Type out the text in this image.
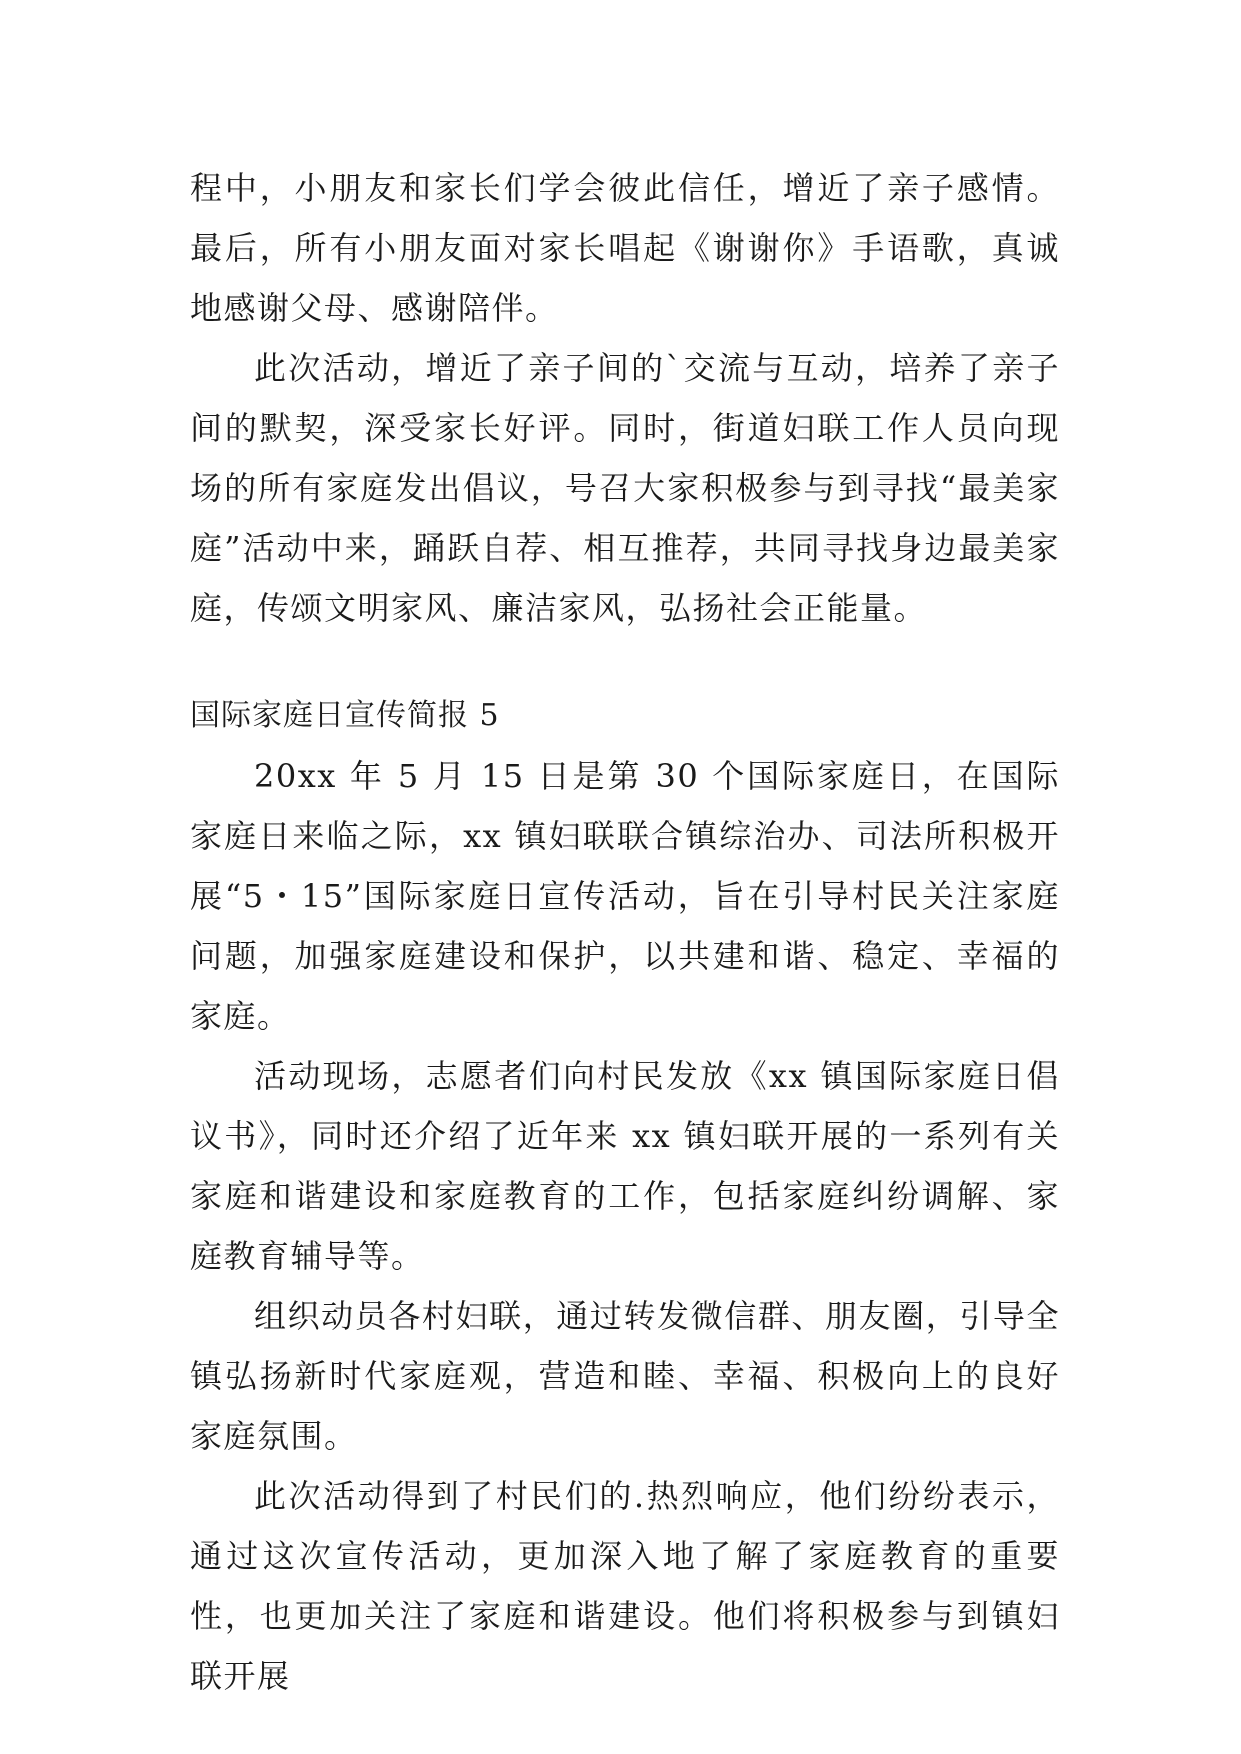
程中，小朋友和家长们学会彼此信任，增近了亲子感情。最后，所有小朋友面对家长唱起《谢谢你》手语歌，真诚地感谢父母、感谢陪伴。

此次活动，增近了亲子间的`交流与互动，培养了亲子间的默契，深受家长好评。同时，街道妇联工作人员向现场的所有家庭发出倡议，号召大家积极参与到寻找“最美家庭”活动中来，踊跃自荐、相互推荐，共同寻找身边最美家庭，传颂文明家风、廉洁家风，弘扬社会正能量。

国际家庭日宣传简报 5

20xx 年 5 月 15 日是第 30 个国际家庭日，在国际家庭日来临之际，xx 镇妇联联合镇综治办、司法所积极开展“5・15”国际家庭日宣传活动，旨在引导村民关注家庭问题，加强家庭建设和保护，以共建和谐、稳定、幸福的家庭。

活动现场，志愿者们向村民发放《xx 镇国际家庭日倡议书》，同时还介绍了近年来 xx 镇妇联开展的一系列有关家庭和谐建设和家庭教育的工作，包括家庭纠纷调解、家庭教育辅导等。

组织动员各村妇联，通过转发微信群、朋友圈，引导全镇弘扬新时代家庭观，营造和睦、幸福、积极向上的良好家庭氛围。

此次活动得到了村民们的.热烈响应，他们纷纷表示，通过这次宣传活动，更加深入地了解了家庭教育的重要性，也更加关注了家庭和谐建设。他们将积极参与到镇妇联开展
